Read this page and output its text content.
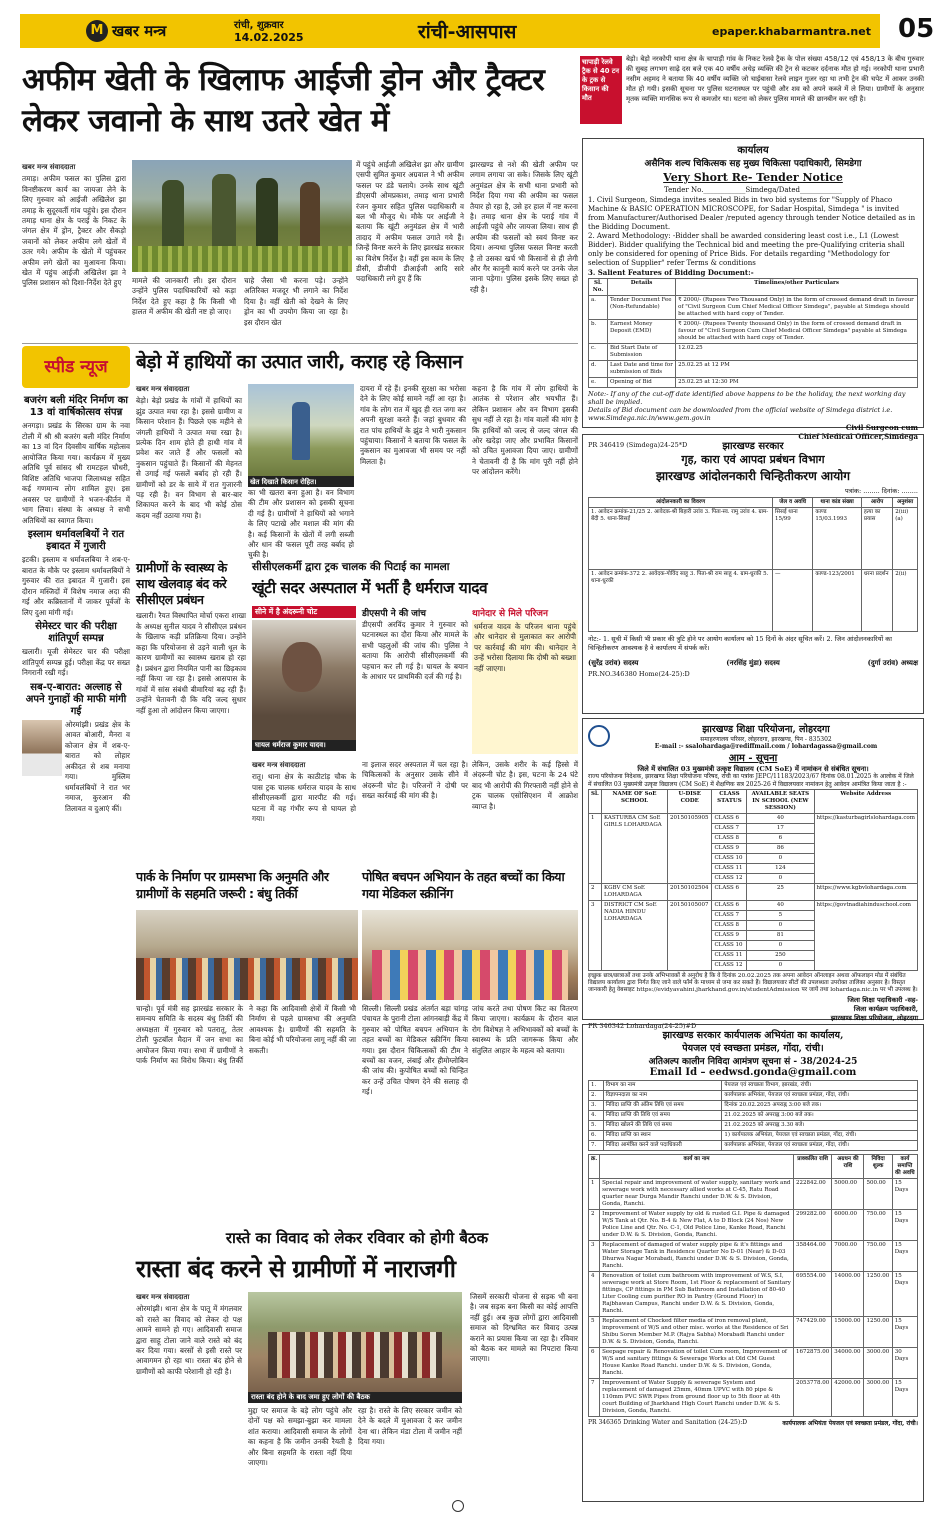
M खबर मन्त्र	रांची, शुक्रवार
14.02.2025	रांची-आसपास	epaper.khabarmantra.net 05
अफीम खेती के खिलाफ आईजी ड्रोन और ट्रैक्टर लेकर जवानो के साथ उतरे खेत में
चापाड़ी रेलवे ट्रैक से 40 टन के ट्रक से किसान की मौत
बेड़ो। बेड़ो नरकोपी थाना क्षेत्र के चापाड़ी गांव के निकट रेलवे ट्रैक के पोल संख्या 458/12 एवं 458/13 के बीच गुरुवार की सुबह लगभग साढ़े दस बजे एक 40 वर्षीय अधेड़ व्यक्ति की ट्रेन से कटकर दर्दनाक मौत हो गई। नरकोपी थाना प्रभारी नसीम अहमद ने बताया कि 40 वर्षीय व्यक्ति जो चाईबासा रेलवे लाइन गुजर रहा था तभी ट्रेन की चपेट में आकर उनकी मौत हो गयी। इसकी सूचना पर पुलिस घटनास्थल पर पहुंची और शव को अपने कब्जे में ले लिया। ग्रामीणों के अनुसार मृतक व्यक्ति मानसिक रूप से कमजोर था। घटना को लेकर पुलिस मामले की छानबीन कर रही है।
खबर मन्त्र संवाददाता
तमाड़। अफीम फसल का पुलिस द्वारा विनष्टीकरण कार्य का जायजा लेने के लिए गुरुवार को आईजी अखिलेश झा तमाड़ के सुदूरवर्ती गांव पहुंचे। इस दौरान तमाड़ थाना क्षेत्र के पराई के निकट के जंगल क्षेत्र में ड्रोन, ट्रैक्टर और सैकड़ो जवानों को लेकर अफीम लगे खेतों में उतर गये। अफीम के खेतो में पहुंचकर अफीम लगे खेतों का मुआयना किया। खेत में पहुंच आईजी अखिलेश झा ने पुलिस प्रशासन को दिशा-निर्देश देते हुए	मामले की जानकारी ली। इस दौरान उन्होंने पुलिस पदाधिकारियों को कड़ा निर्देश देते हुए कहा है कि किसी भी हालत में अफीम की खेती नष्ट हो जाए।
चाहे जैसा भी करना पड़े। उन्होंने अतिरिक्त मजदूर भी लगाने का निर्देश दिया है। वहीं खेती को देखने के लिए ड्रोन का भी उपयोग किया जा रहा है। इस दौरान खेत
में पहुंचे आईजी अखिलेश झा और ग्रामीण एसपी सुमित कुमार अग्रवाल ने भी अफीम फसल पर डंडे चलाये। उनके साथ खूंटी डीएसपी ओमप्रकाश, तमाड़ थाना प्रभारी रंजन कुमार सहित पुलिस पदाधिकारी व बल भी मौजूद थे। मौके पर आईजी ने बताया कि खूंटी अनुमंडल क्षेत्र में भारी तादाद में अफीम फसल उगाते गये हैं। जिन्हें विनष्ट करने के लिए झारखंड सरकार का विशेष निर्देश है। वहीं इस काम के लिए डीसी, डीजीपी डीआईजी आदि सारे पदाधिकारी लगे हुए हैं कि
झारखण्ड से नशे की खेती अफीम पर लगाम लगाया जा सके। जिसके लिए खूंटी अनुमंडल क्षेत्र के सभी थाना प्रभारी को निर्देश दिया गया की अफीम का फसल तैयार हो रहा है, उसे हर हाल में नष्ट करना है। तमाड़ थाना क्षेत्र के पराई गांव में आईजी पहुंचे और जायजा लिया। साथ ही अफीम की फसलों को स्वयं विनष्ट कर दिया। अन्यथा पुलिस फसल विनष्ट करती है तो उसका खर्च भी किसानों से ही लेगी और गैर कानूनी कार्य करने पर उनके जेल जाना पड़ेगा। पुलिस इसके लिए सख्त हो रही है।
कार्यालय
असैनिक शल्य चिकित्सक सह मुख्य चिकित्सा पदाधिकारी, सिमडेगा
Very Short Re- Tender Notice
Tender No.____________Simdega/Dated____________
1. Civil Surgeon, Simdega invites sealed Bids in two bid systems for "Supply of Phaco Machine & BASIC OPERATION MICROSCOPE, for Sadar Hospital, Simdega " is invited from Manufacturer/Authorised Dealer /reputed agency through tender Notice detailed as in the Bidding Document.
2. Award Methodology: -Bidder shall be awarded considering least cost i.e., L1 (Lowest Bidder). Bidder qualifying the Technical bid and meeting the pre-Qualifying criteria shall only be considered for opening of Price Bids. For details regarding "Methodology for selection of Supplier" refer Terms & conditions
3. Salient Features of Bidding Document:-
Sl. No.	Details	Timelines/other Particulars
a.	Tender Document Fee (Non-Refundable)	₹ 2000/- (Rupees Two Thousand Only) in the form of crossed demand draft in favour of "Civil Surgeon Cum Chief Medical Officer Simdega", payable at Simdega should be attached with hard copy of Tender.
b.	Earnest Money Deposit (EMD)	₹ 2000/- (Rupees Twenty thousand Only) in the form of crossed demand draft in favour of "Civil Surgeon Cum Chief Medical Officer Simdega" payable at Simdega should be attached with hard copy of Tender.
c.	Bid Start Date of Submission	12.02.25
d.	Last Date and time for submission of Bids	25.02.25 at 12 PM
e.	Opening of Bid	25.02.25 at 12:30 PM
Note:- If any of the cut-off date identified above happens to be the holiday, the next working day shall be implied.
Details of Bid document can be downloaded from the official website of Simdega district i.e. www.Simdega.nic.in/www.gem.gov.in
Civil Surgeon cum
Chief Medical Officer,Simdega
PR 346419 (Simdega)24-25*D
स्पीड न्यूज
बजरंग बली मंदिर निर्माण का 13 वां वार्षिकोत्सव संपन्न
अनगड़ा। प्रखंड के सिरका ग्राम के नवा टोली में श्री श्री बजरंग बली मंदिर निर्माण का 13 वां दिन दिवसीय वार्षिक महोत्सव आयोजित किया गया। कार्यक्रम में मुख्य अतिथि पूर्व सांसद श्री रामटहल चौधरी, विशिष्ट अतिथि भाजपा जिलाध्यक्ष सहित कई गणमान्य लोग शामिल हुए। इस अवसर पर ग्रामीणों ने भजन-कीर्तन में भाग लिया। संस्था के अध्यक्ष ने सभी अतिथियों का स्वागत किया।
इस्लाम धर्मावलबियों ने रात इबादत में गुजारी
इटकी। इस्लाम व धर्मावलबिया ने शब-ए-बारात के मौके पर इस्लाम धर्मावलबियों ने गुरुवार की रात इबादत में गुजारी। इस दौरान मस्जिदों में विशेष नमाज अदा की गई और कब्रिस्तानों में जाकर पूर्वजों के लिए दुआ मांगी गई।
सेमेस्टर चार की परीक्षा शांतिपूर्ण सम्पन्न
खलारी। यूजी सेमेस्टर चार की परीक्षा शांतिपूर्ण सम्पन्न हुई। परीक्षा केंद्र पर सख्त निगरानी रखी गई।
सब-ए-बारात: अल्लाह से अपने गुनाहों की माफी मांगी गई
ओरमांझी। प्रखंड क्षेत्र के आवत बोआरी, मैनरा व कोजान क्षेत्र में शब-ए-बारात को लोहार अकीदत से शब मनाया गया। मुस्लिम धर्मावलंबियों ने रात भर नमाज, कुरआन की तिलावत व दुआएं कीं।
बेड़ो में हाथियों का उत्पात जारी, कराह रहे किसान
खबर मन्त्र संवाददाता
बेड़ो। बेड़ो प्रखंड के गांवों में हाथियों का झुंड उत्पात मचा रहा है। इससे ग्रामीण व किसान परेशान हैं। पिछले एक महीने से जंगली हाथियों ने उत्पात मचा रखा है। प्रत्येक दिन शाम होते ही हाथी गांव में प्रवेश कर जाते हैं और फसलों को नुकसान पहुंचाते हैं। किसानों की मेहनत से उगाई गई फसलें बर्बाद हो रही हैं। ग्रामीणों को डर के साये में रात गुजारनी पड़ रही है। वन विभाग से बार-बार शिकायत करने के बाद भी कोई ठोस कदम नहीं उठाया गया है।
खेत दिखाते किसान रोहित।
का भी खतरा बना हुआ है। वन विभाग की टीम और प्रशासन को इसकी सूचना दी गई है। ग्रामीणों ने हाथियों को भगाने के लिए पटाखे और मशाल की मांग की है। कई किसानों के खेतों में लगी सब्जी और धान की फसल पूरी तरह बर्बाद हो चुकी है।
दायरा में रहे हैं। इनकी सुरक्षा का भरोसा देने के लिए कोई सामने नहीं आ रहा है। गांव के लोग रात में खुद ही रात जगा कर अपनी सुरक्षा करते हैं। जहां बुधवार की रात पांच हाथियों के झुंड ने भारी नुकसान पहुंचाया। किसानों ने बताया कि फसल के नुकसान का मुआवजा भी समय पर नहीं मिलता है।
कहना है कि गांव में लोग हाथियों के आतंक से परेशान और भयभीत हैं। लेकिन प्रशासन और वन विभाग इसकी सुध नहीं ले रहा है। गांव वालों की मांग है कि हाथियों को जल्द से जल्द जंगल की ओर खदेड़ा जाए और प्रभावित किसानों को उचित मुआवजा दिया जाए। ग्रामीणों ने चेतावनी दी है कि मांग पूरी नहीं होने पर आंदोलन करेंगे।
ग्रामीणों के स्वास्थ्य के साथ खेलवाड़ बंद करे सीसीएल प्रबंधन
खलारी। रैयत विस्थापित मोर्चा एकरा शाखा के अध्यक्ष सुनील यादव ने सीसीएल प्रबंधन के खिलाफ कड़ी प्रतिक्रिया दिया। उन्होंने कहा कि परियोजना से उड़ने वाली धूल के कारण ग्रामीणों का स्वास्थ्य खराब हो रहा है। प्रबंधन द्वारा नियमित पानी का छिड़काव नहीं किया जा रहा है। इससे आसपास के गांवों में सांस संबंधी बीमारियां बढ़ रही हैं। उन्होंने चेतावनी दी कि यदि जल्द सुधार नहीं हुआ तो आंदोलन किया जाएगा।
सीसीएलकर्मी द्वारा ट्रक चालक की पिटाई का मामला
खूंटी सदर अस्पताल में भर्ती है धर्मराज यादव
सीने में है अंदरूनी चोट
घायल धर्मराज कुमार यादव।
डीएसपी ने की जांच
डीएसपी अरविंद कुमार ने गुरुवार को घटनास्थल का दौरा किया और मामले के सभी पहलुओं की जांच की। पुलिस ने बताया कि आरोपी सीसीएलकर्मी की पहचान कर ली गई है। घायल के बयान के आधार पर प्राथमिकी दर्ज की गई है।
थानेदार से मिले परिजन
धर्मराज यादव के परिजन थाना पहुंचे और थानेदार से मुलाकात कर आरोपी पर कार्रवाई की मांग की। थानेदार ने उन्हें भरोसा दिलाया कि दोषी को बख्शा नहीं जाएगा।
खबर मन्त्र संवाददाता
रातू। थाना क्षेत्र के काठीटांड़ चौक के पास ट्रक चालक धर्मराज यादव के साथ सीसीएलकर्मी द्वारा मारपीट की गई। घटना में वह गंभीर रूप से घायल हो गया।
ना इलाज सदर अस्पताल में चल रहा है। चिकित्सकों के अनुसार उसके सीने में अंदरूनी चोट है। परिजनों ने दोषी पर सख्त कार्रवाई की मांग की है।
लेकिन, उसके शरीर के कई हिस्से में अंदरूनी चोट है। इस, घटना के 24 घंटे बाद भी आरोपी की गिरफ्तारी नहीं होने से ट्रक चालक एसोसिएशन में आक्रोश व्याप्त है।
पार्क के निर्माण पर ग्रामसभा कि अनुमति और ग्रामीणों के सहमति जरूरी : बंधु तिर्की
चान्हो। पूर्व मंत्री सह झारखंड सरकार के समन्वय समिति के सदस्य बंधु तिर्की की अध्यक्षता में गुरुवार को पतरातू, तेतर टोली फुटबॉल मैदान में जन सभा का आयोजन किया गया। सभा में ग्रामीणों ने पार्क निर्माण का विरोध किया। बंधु तिर्की ने कहा कि आदिवासी क्षेत्रों में किसी भी निर्माण से पहले ग्रामसभा की अनुमति आवश्यक है। ग्रामीणों की सहमति के बिना कोई भी परियोजना लागू नहीं की जा सकती।
पोषित बचपन अभियान के तहत बच्चों का किया गया मेडिकल स्क्रीनिंग
सिल्ली। सिल्ली प्रखंड अंतर्गत बड़ा चांगड़ पंचायत के पुरानी टोला आंगनबाड़ी केंद्र में गुरुवार को पोषित बचपन अभियान के तहत बच्चों का मेडिकल स्क्रीनिंग किया गया। इस दौरान चिकित्सकों की टीम ने बच्चों का वजन, लंबाई और हीमोग्लोबिन की जांच की। कुपोषित बच्चों को चिन्हित कर उन्हें उचित पोषण देने की सलाह दी गई।
जांच करते तथा पोषण किट का वितरण किया जाएगा। कार्यक्रम के दौरान बाल रोग विशेषज्ञ ने अभिभावकों को बच्चों के स्वास्थ्य के प्रति जागरूक किया और संतुलित आहार के महत्व को बताया।
रास्ते का विवाद को लेकर रविवार को होगी बैठक
रास्ता बंद करने से ग्रामीणों में नाराजगी
खबर मन्त्र संवाददाता
ओरमांझी। थाना क्षेत्र के पातू में मंगलवार को रास्ते का विवाद को लेकर दो पक्ष आमने सामने हो गए। आदिवासी समाज द्वारा साहू टोला जाने वाले रास्ते को बंद कर दिया गया। बरसों से इसी रास्ते पर आवागमन हो रहा था। रास्ता बंद होने से ग्रामीणों को काफी परेशानी हो रही है।
रास्ता बंद होने के बाद जमा हुए लोगों की बैठक
मुद्दा पर समाज के बड़े लोग पहुंचे और दोनों पक्ष को समझा-बुझा कर मामला शांत कराया। आदिवासी समाज के लोगों का कहना है कि जमीन उनकी रैयती है और बिना सहमति के रास्ता नहीं दिया जाएगा।
रहा है। रास्ते के लिए सरकार जमीन को देने के बदले में मुआवजा दे कर जमीन देना था। लेकिन मंडा टोला में जमीन नहीं दिया गया।
जिसमें सरकारी योजना से सड़क भी बना है। जब सड़क बना किसी का कोई आपत्ति नहीं हुई। अब कुछ लोगों द्वारा आदिवासी समाज को दिग्भ्रमित कर विवाद उत्पन्न कराने का प्रयास किया जा रहा है। रविवार को बैठक कर मामले का निपटारा किया जाएगा।
झारखण्ड सरकार
गृह, कारा एवं आपदा प्रबंधन विभाग
झारखण्ड आंदोलनकारी चिन्हितीकरण आयोग
पत्रांक: ........ दिनांक: ........
आंदोलनकारी का विवरण	जेल व अवधि	थाना कांड संख्या	आरोप	अनुशंसा
1. आवेदन क्रमांक-21/25 2. आवेदक-श्री बिहारी उरांव 3. पिता-स्व. रामु उरांव 4. ग्राम-बेंदी 5. थाना-सिसई	सिसई थाना 15/99	काण्ड 15/03.1993	हत्या का प्रयास	2(iii)(a)
1. आवेदन क्रमांक-372 2. आवेदक-गोविंद साहू 3. पिता-श्री राम साहू 4. ग्राम-धुरकी 5. थाना-धुरकी	—	काण्ड-123/2001	धरना प्रदर्शन	2(ii)
नोट:- 1. सूची में किसी भी प्रकार की त्रुटि होने पर आयोग कार्यालय को 15 दिनों के अंदर सूचित करें। 2. जिन आंदोलनकारियों का चिन्हितीकरण आवश्यक है वे कार्यालय में संपर्क करें।
(सुरेंद्र उरांव) सदस्य	(नरसिंह मुंडा) सदस्य	(दुर्गा उरांव) अध्यक्ष
PR.NO.346380 Home(24-25):D
झारखण्ड शिक्षा परियोजना, लोहरदगा
समाहरणालय परिसर, लोहरदगा, झारखण्ड, पिन - 835302
E-mail :- ssalohardaga@rediffmail.com / lohardagassa@gmail.com
आम - सूचना
जिले में संचालित 03 मुख्यमंत्री उत्कृष्ट विद्यालय (CM SoE) में नामांकन से संबंधित सूचना।
राज्य परियोजना निदेशक, झारखण्ड शिक्षा परियोजना परिषद, रांची का पत्रांक JEPC/11183/2023/67 दिनांक 08.01.2025 के आलोक में जिले में संचालित 03 मुख्यमंत्री उत्कृष्ट विद्यालय (CM SoE) में शैक्षणिक सत्र 2025-26 में विद्यालयवार नामांकन हेतु आवेदन आमंत्रित किया जाता है :-
Sl.	NAME OF SoE SCHOOL	U-DISE CODE	CLASS STATUS	AVAILABLE SEATS IN SCHOOL (NEW SESSION)	Website Address
1	KASTURBA CM SoE GIRLS LOHARDAGA	20150105905	CLASS 6	40	https://kasturbagirlslohardaga.com
			CLASS 7	17	
			CLASS 8	6	
			CLASS 9	86	
			CLASS 10	0	
			CLASS 11	124	
			CLASS 12	0	
2	KGBV CM SoE LOHARDAGA	20150102504	CLASS 6	25	https://www.kgbvlohardaga.com
3	DISTRICT CM SoE NADIA HINDU LOHARDAGA	20150105007	CLASS 6	40	https://govtnadiahinduschool.com
			CLASS 7	5	
			CLASS 8	0	
			CLASS 9	81	
			CLASS 10	0	
			CLASS 11	250	
			CLASS 12	0	
इच्छुक छात्र/छात्राओं तथा उनके अभिभावकों से अनुरोध है कि वे दिनांक 20.02.2025 तक अपना आवेदन ऑनलाइन अथवा ऑफलाइन मोड में संबंधित विद्यालय कार्यालय द्वारा निर्गत किए जाने वाले फॉर्म के माध्यम से जमा कर सकते हैं। विद्यालयवार सीटों की उपलब्धता उपरोक्त तालिका अनुसार है। विस्तृत जानकारी हेतु वेबसाइट https://evidyavahini.jharkhand.gov.in/studentAdmission पर जायें तथा lohardaga.nic.in पर भी उपलब्ध है।
जिला शिक्षा पदाधिकारी -सह-
जिला कार्यक्रम पदाधिकारी,
झारखण्ड शिक्षा परियोजना, लोहरदगा
PR 346342 Lohardaga(24-25)#D
झारखण्ड सरकार कार्यपालक अभियंता का कार्यालय,
पेयजल एवं स्वच्छता प्रमंडल, गोंदा, रांची।
अतिअल्प कालीन निविदा आमंत्रण सूचना सं - 38/2024-25
Email Id – eedwsd.gonda@gmail.com
1.	विभाग का नाम	पेयजल एवं स्वच्छता विभाग, झारखंड, रांची।
2.	विज्ञापनदाता का नाम	कार्यपालक अभियंता, पेयजल एवं स्वच्छता प्रमंडल, गोंदा, रांची।
3.	निविदा प्राप्ति की अंतिम तिथि एवं समय	दिनांक 20.02.2025 अपराह्न 3:00 बजे तक।
4.	निविदा प्राप्ति की तिथि एवं समय	21.02.2025 को अपराह्न 3:00 बजे तक।
5.	निविदा खोलने की तिथि एवं समय	21.02.2025 को अपराह्न 3.30 बजे।
6.	निविदा प्राप्ति का स्थान	1) कार्यपालक अभियंता, पेयजल एवं स्वच्छता प्रमंडल, गोंदा, रांची।
7.	निविदा आमंत्रित करने वाले पदाधिकारी	कार्यपालक अभियंता, पेयजल एवं स्वच्छता प्रमंडल, गोंदा, रांची।
क्र.	कार्य का नाम	प्राक्कलित राशि	अग्रधन की राशि	निविदा शुल्क	कार्य समाप्ति की अवधि
1	Special repair and improvement of water supply, sanitary work and sewerage work with necessary allied works at C-45, Ratu Road quarter near Durga Mandir Ranchi under D.W. & S. Division, Gonda, Ranchi.	222842.00	5000.00	500.00	15 Days
2	Improvement of Water supply by old & rusted G.I. Pipe & damaged W/S Tank at Qtr. No. B-4 & New Flat, A to D Block (24 Nos) New Police Line and Qtr. No. C-1, Old Police Line, Kanke Road, Ranchi under D.W. & S. Division, Gonda, Ranchi.	299282.00	6000.00	750.00	15 Days
3	Replacement of damaged of water supply pipe & it's fittings and Water Storage Tank in Residence Quarter No D-01 (Near) & D-03 Dhurwa Nagar Morabadi, Ranchi under D.W. & S. Division, Gonda, Ranchi.	358464.00	7000.00	750.00	15 Days
4	Renovation of toilet cum bathroom with improvement of W.S, S.I, sewerage work at Store Room, 1st Floor & replacement of Sanitary fittings, CP fittings in PM Sub Bathroom and Installation of 80-40 Liter Cooling cum purifier RO in Pantry (Ground Floor) in Rajbhawan Campus, Ranchi under D.W. & S. Division, Gonda, Ranchi.	695554.00	14000.00	1250.00	15 Days
5	Replacement of Chocked filter media of iron removal plant, improvement of W/S and other misc. works at the Residence of Sri Shibu Soren Member M.P. (Rajya Sabha) Morabadi Ranchi under D.W. & S. Division, Gonda, Ranchi.	747429.00	15000.00	1250.00	15 Days
6	Seepage repair & Renovation of toilet Cum room, Improvement of W/S and sanitary fittings & Sewerage Works at Old CM Guest House Kanke Road Ranchi. under D.W. & S. Division, Gonda, Ranchi.	1672875.00	34000.00	3000.00	30 Days
7	Improvement of Water Supply & sewerage System and replacement of damaged 25mm, 40mm UPVC with 80 pipe & 110mm PVC SWR Pipes from ground floor up to 5th floor at 4th court Building of Jharkhand High Court Ranchi under D.W. & S. Division, Gonda, Ranchi.	2053778.00	42000.00	3000.00	15 Days
PR 346365 Drinking Water and Sanitation (24-25):D	कार्यपालक अभियंता पेयजल एवं स्वच्छता प्रमंडल, गोंदा, रांची।
